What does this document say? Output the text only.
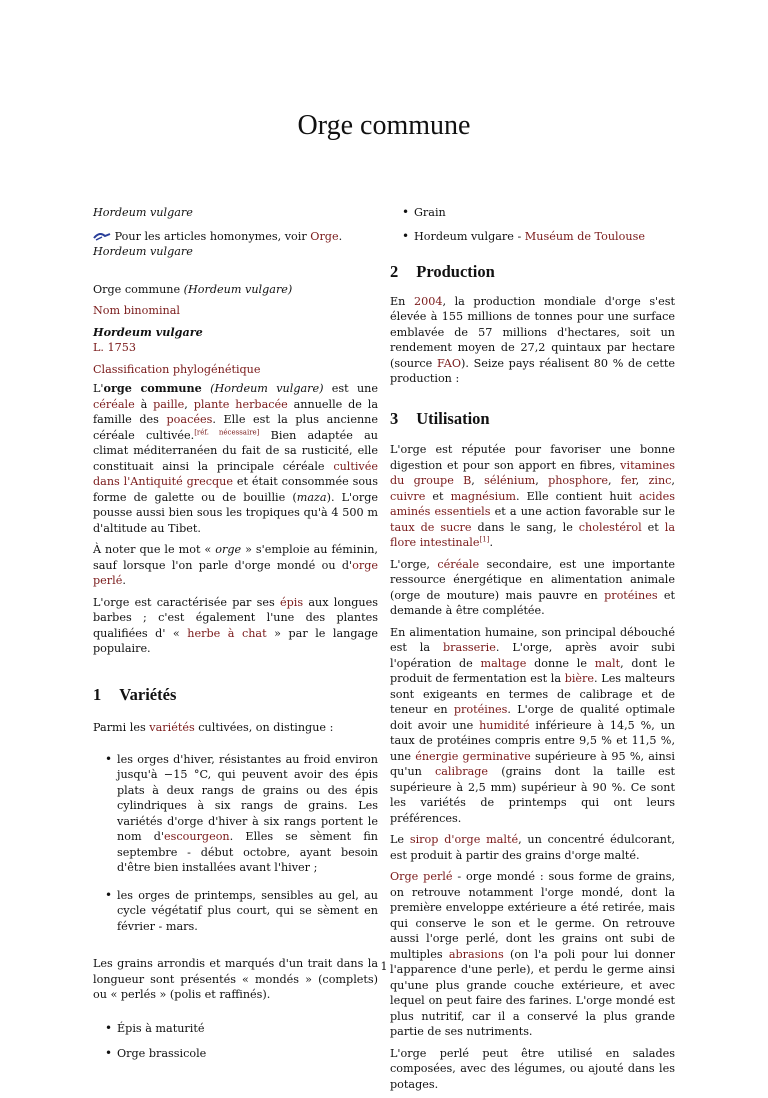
Orge commune

Hordeum vulgare

Pour les articles homonymes, voir Orge.

Hordeum vulgare

Orge commune (Hordeum vulgare)

Nom binominal

Hordeum vulgare

L. 1753

Classification phylogénétique

L'orge commune (Hordeum vulgare) est une céréale à paille, plante herbacée annuelle de la famille des poacées. Elle est la plus ancienne céréale cultivée.[réf. nécessaire] Bien adaptée au climat méditerranéen du fait de sa rusticité, elle constituait ainsi la principale céréale cultivée dans l'Antiquité grecque et était consommée sous forme de galette ou de bouillie (maza). L'orge pousse aussi bien sous les tropiques qu'à 4 500 m d'altitude au Tibet.

À noter que le mot « orge » s'emploie au féminin, sauf lorsque l'on parle d'orge mondé ou d'orge perlé.

L'orge est caractérisée par ses épis aux longues barbes ; c'est également l'une des plantes qualifiées d' « herbe à chat » par le langage populaire.

1 Variétés

Parmi les variétés cultivées, on distingue :

• les orges d'hiver, résistantes au froid environ jusqu'à −15 °C, qui peuvent avoir des épis plats à deux rangs de grains ou des épis cylindriques à six rangs de grains. Les variétés d'orge d'hiver à six rangs portent le nom d'escourgeon. Elles se sèment fin septembre - début octobre, ayant besoin d'être bien installées avant l'hiver ;
• les orges de printemps, sensibles au gel, au cycle végétatif plus court, qui se sèment en février - mars.

Les grains arrondis et marqués d'un trait dans la longueur sont présentés « mondés » (complets) ou « perlés » (polis et raffinés).

• Épis à maturité
• Orge brassicole
• Grain
• Hordeum vulgare - Muséum de Toulouse
2 Production

En 2004, la production mondiale d'orge s'est élevée à 155 millions de tonnes pour une surface emblavée de 57 millions d'hectares, soit un rendement moyen de 27,2 quintaux par hectare (source FAO). Seize pays réalisent 80 % de cette production :

3 Utilisation

L'orge est réputée pour favoriser une bonne digestion et pour son apport en fibres, vitamines du groupe B, sélénium, phosphore, fer, zinc, cuivre et magnésium. Elle contient huit acides aminés essentiels et a une action favorable sur le taux de sucre dans le sang, le cholestérol et la flore intestinale[1].

L'orge, céréale secondaire, est une importante ressource énergétique en alimentation animale (orge de mouture) mais pauvre en protéines et demande à être complétée.

En alimentation humaine, son principal débouché est la brasserie. L'orge, après avoir subi l'opération de maltage donne le malt, dont le produit de fermentation est la bière. Les malteurs sont exigeants en termes de calibrage et de teneur en protéines. L'orge de qualité optimale doit avoir une humidité inférieure à 14,5 %, un taux de protéines compris entre 9,5 % et 11,5 %, une énergie germinative supérieure à 95 %, ainsi qu'un calibrage (grains dont la taille est supérieure à 2,5 mm) supérieur à 90 %. Ce sont les variétés de printemps qui ont leurs préférences.

Le sirop d'orge malté, un concentré édulcorant, est produit à partir des grains d'orge malté.

Orge perlé - orge mondé : sous forme de grains, on retrouve notamment l'orge mondé, dont la première enveloppe extérieure a été retirée, mais qui conserve le son et le germe. On retrouve aussi l'orge perlé, dont les grains ont subi de multiples abrasions (on l'a poli pour lui donner l'apparence d'une perle), et perdu le germe ainsi qu'une plus grande couche extérieure, et avec lequel on peut faire des farines. L'orge mondé est plus nutritif, car il a conservé la plus grande partie de ses nutriments.

L'orge perlé peut être utilisé en salades composées, avec des légumes, ou ajouté dans les potages.

1
